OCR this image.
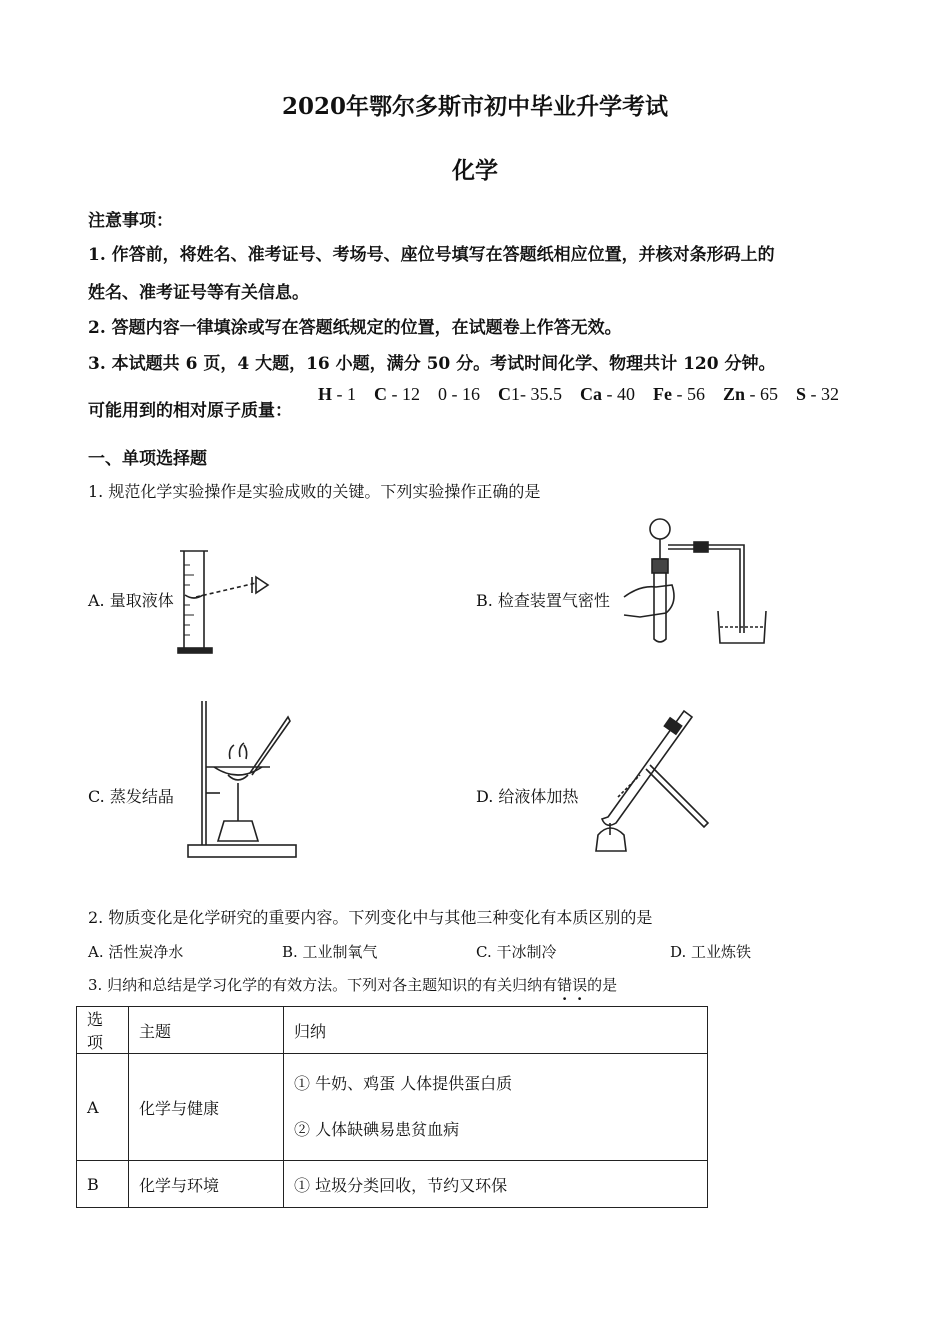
2020年鄂尔多斯市初中毕业升学考试
化学
注意事项：
1. 作答前，将姓名、准考证号、考场号、座位号填写在答题纸相应位置，并核对条形码上的
姓名、准考证号等有关信息。
2. 答题内容一律填涂或写在答题纸规定的位置，在试题卷上作答无效。
3. 本试题共 6 页，4 大题，16 小题，满分 50 分。考试时间化学、物理共计 120 分钟。
可能用到的相对原子质量：
H - 1 C - 12 0 - 16 C1- 35.5 Ca - 40 Fe - 56 Zn - 65 S - 32
一、单项选择题
1. 规范化学实验操作是实验成败的关键。下列实验操作正确的是
A. 量取液体	B. 检查装置气密性
C. 蒸发结晶	D. 给液体加热
2. 物质变化是化学研究的重要内容。下列变化中与其他三种变化有本质区别的是
A. 活性炭净水	B. 工业制氧气	C. 干冰制冷	D. 工业炼铁
3. 归纳和总结是学习化学的有效方法。下列对各主题知识的有关归纳有错误的是
选项	主题	归纳
A	化学与健康	① 牛奶、鸡蛋 人体提供蛋白质
② 人体缺碘易患贫血病

B	化学与环境	① 垃圾分类回收，节约又环保
